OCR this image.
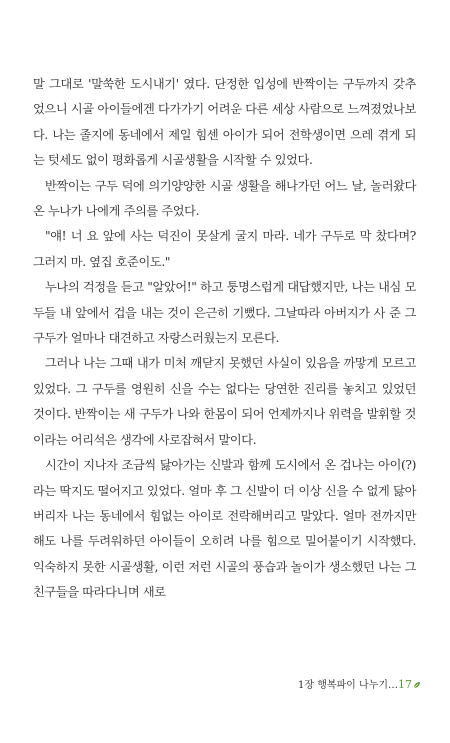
말 그대로 '말쑥한 도시내기' 였다. 단정한 입성에 반짝이는 구두까지 갖추었으니 시골 아이들에겐 다가가기 어려운 다른 세상 사람으로 느껴졌었나보다. 나는 졸지에 동네에서 제일 힘센 아이가 되어 전학생이면 으레 겪게 되는 텃세도 없이 평화롭게 시골생활을 시작할 수 있었다.

반짝이는 구두 덕에 의기양양한 시골 생활을 해나가던 어느 날, 놀러왔다 온 누나가 나에게 주의를 주었다.

"얘! 너 요 앞에 사는 덕진이 못살게 굴지 마라. 네가 구두로 막 찼다며? 그러지 마. 옆집 호준이도."

누나의 걱정을 듣고 "알았어!" 하고 퉁명스럽게 대답했지만, 나는 내심 모두들 내 앞에서 겁을 내는 것이 은근히 기뻤다. 그날따라 아버지가 사 준 그 구두가 얼마나 대견하고 자랑스러웠는지 모른다.

그러나 나는 그때 내가 미처 깨닫지 못했던 사실이 있음을 까맣게 모르고 있었다. 그 구두를 영원히 신을 수는 없다는 당연한 진리를 놓치고 있었던 것이다. 반짝이는 새 구두가 나와 한몸이 되어 언제까지나 위력을 발휘할 것이라는 어리석은 생각에 사로잡혀서 말이다.

시간이 지나자 조금씩 닳아가는 신발과 함께 도시에서 온 겁나는 아이(?)라는 딱지도 떨어지고 있었다. 얼마 후 그 신발이 더 이상 신을 수 없게 닳아버리자 나는 동네에서 힘없는 아이로 전락해버리고 말았다. 얼마 전까지만 해도 나를 두려워하던 아이들이 오히려 나를 힘으로 밀어붙이기 시작했다. 익숙하지 못한 시골생활, 이런 저런 시골의 풍습과 놀이가 생소했던 나는 그 친구들을 따라다니며 새로

1장 행복파이 나누기…17
